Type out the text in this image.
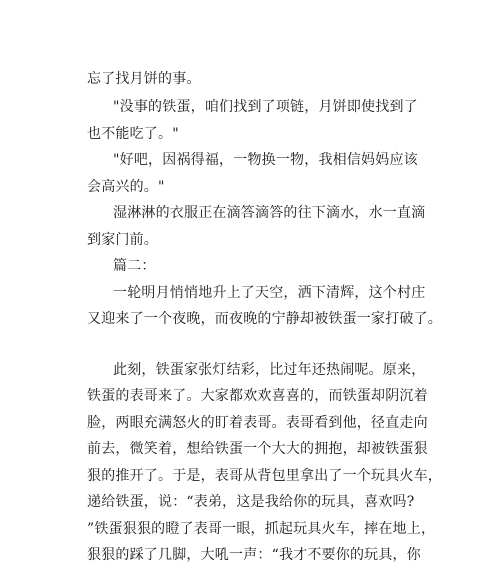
忘了找月饼的事。
"没事的铁蛋，咱们找到了项链，月饼即使找到了
也不能吃了。"
"好吧，因祸得福，一物换一物，我相信妈妈应该
会高兴的。"
湿淋淋的衣服正在滴答滴答的往下滴水，水一直滴
到家门前。
篇二：
一轮明月悄悄地升上了天空，洒下清辉，这个村庄
又迎来了一个夜晚，而夜晚的宁静却被铁蛋一家打破了。
此刻，铁蛋家张灯结彩，比过年还热闹呢。原来，
铁蛋的表哥来了。大家都欢欢喜喜的，而铁蛋却阴沉着
脸，两眼充满怒火的盯着表哥。表哥看到他，径直走向
前去，微笑着，想给铁蛋一个大大的拥抱，却被铁蛋狠
狠的推开了。于是，表哥从背包里拿出了一个玩具火车，
递给铁蛋，说：“表弟，这是我给你的玩具，喜欢吗?
”铁蛋狠狠的瞪了表哥一眼，抓起玩具火车，摔在地上，
狠狠的踩了几脚，大吼一声：“我才不要你的玩具，你
